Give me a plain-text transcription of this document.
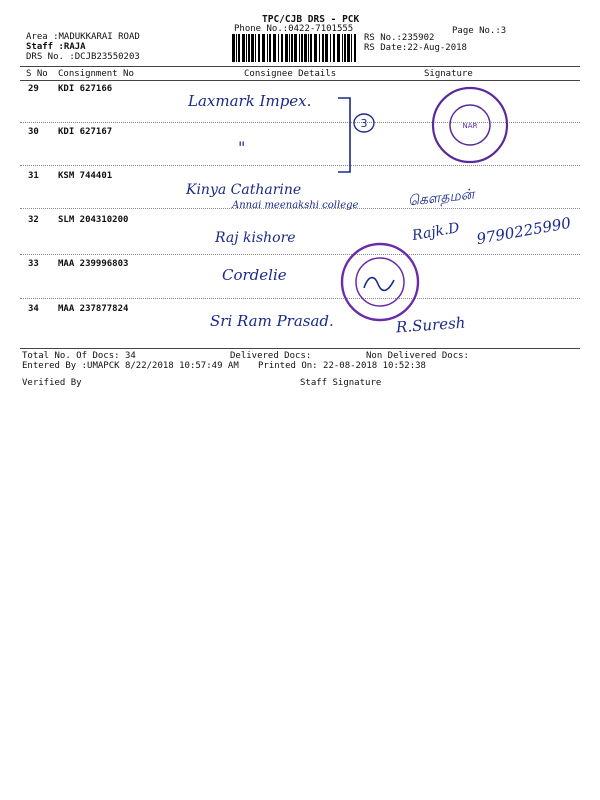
TPC/CJB DRS - PCK
Phone No.:0422-7101555	Page No.:3
Area :MADUKKARAI ROAD
Staff :RAJA
DRS No. :DCJB23550203
RS No.:235902
RS Date:22-Aug-2018
S No Consignment No	Consignee Details	Signature
29 KDI 627166
Laxmark Impex.
30 KDI 627167
"
3
31 KSM 744401
Kinya Catharine
Annai meenakshi college	கௌதமன்
32 SLM 204310200
Raj kishore	Rajk.D 9790225990
33 MAA 239996803
Cordelie
34 MAA 237877824
Sri Ram Prasad.	R.Suresh
NAR
Total No. Of Docs: 34	Delivered Docs:	Non Delivered Docs:
Entered By :UMAPCK 8/22/2018 10:57:49 AM Printed On: 22-08-2018 10:52:38
Verified By	Staff Signature
